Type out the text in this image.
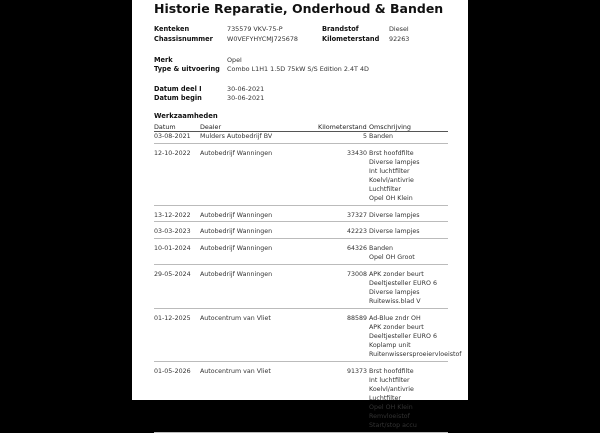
Historie Reparatie, Onderhoud & Banden
Kenteken	735579 VKV-75-P	Brandstof	Diesel
Chassisnummer W0VEFYHYCMJ725678	Kilometerstand 92263
Merk	Opel
Type & uitvoering Combo L1H1 1.5D 75kW S/S Edition 2.4T 4D
Datum deel I	30-06-2021
Datum begin	30-06-2021
Werkzaamheden
Datum	Dealer	Kilometerstand Omschrijving
03-08-2021 Mulders Autobedrijf BV	5 Banden
12-10-2022 Autobedrijf Wanningen	33430 Brst hoofdfilte
Diverse lampjes
Int luchtfilter
Koelvl/antivrie
Luchtfilter
Opel OH Klein
13-12-2022 Autobedrijf Wanningen	37327 Diverse lampjes
03-03-2023 Autobedrijf Wanningen	42223 Diverse lampjes
10-01-2024 Autobedrijf Wanningen	64326 Banden
Opel OH Groot
29-05-2024 Autobedrijf Wanningen	73008 APK zonder beurt
Deeltjesteller EURO 6
Diverse lampjes
Ruitewiss.blad V
01-12-2025 Autocentrum van Vliet	88589 Ad-Blue zndr OH
APK zonder beurt
Deeltjesteller EURO 6
Koplamp unit
Ruitenwissersproeiervloeistof
01-05-2026 Autocentrum van Vliet	91373 Brst hoofdfilte
Int luchtfilter
Koelvl/antivrie
Luchtfilter
Opel OH Klein
Remvloeistof
Start/stop accu
